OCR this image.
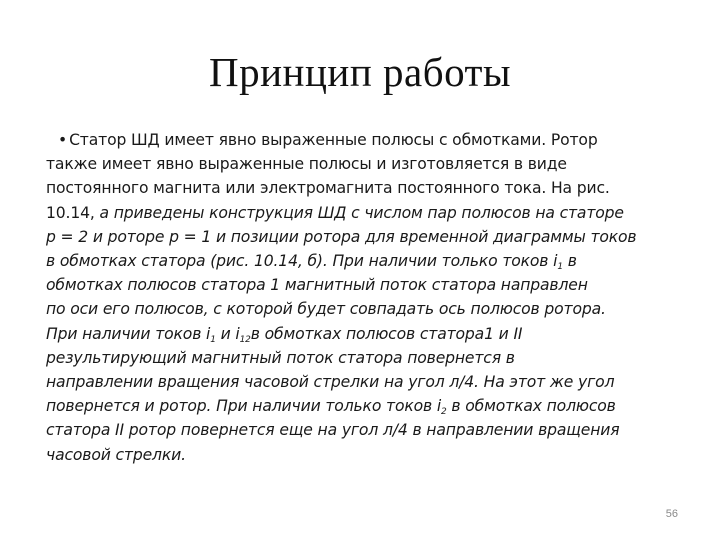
Принцип работы
• Статор ШД имеет явно выраженные полюсы с обмотками. Ротор
также имеет явно выраженные полюсы и изготовляется в виде
постоянного магнита или электромагнита постоянного тока. На рис.
10.14, а приведены конструкция ШД с числом пар полюсов на статоре
р = 2 и роторе р = 1 и позиции ротора для временной диаграммы токов
в обмотках статора (рис. 10.14, б). При наличии только токов $i_1$ в
обмотках полюсов статора 1 магнитный поток статора направлен
по оси его полюсов, с которой будет совпадать ось полюсов ротора.
При наличии токов $i_1$ и $i_{12}в$ обмотках полюсов статора1 и II
результирующий магнитный поток статора повернется в
направлении вращения часовой стрелки на угол л/4. На этот же угол
повернется и ротор. При наличии только токов $i_2$ в обмотках полюсов
статора II ротор повернется еще на угол л/4 в направлении вращения
часовой стрелки.
56
